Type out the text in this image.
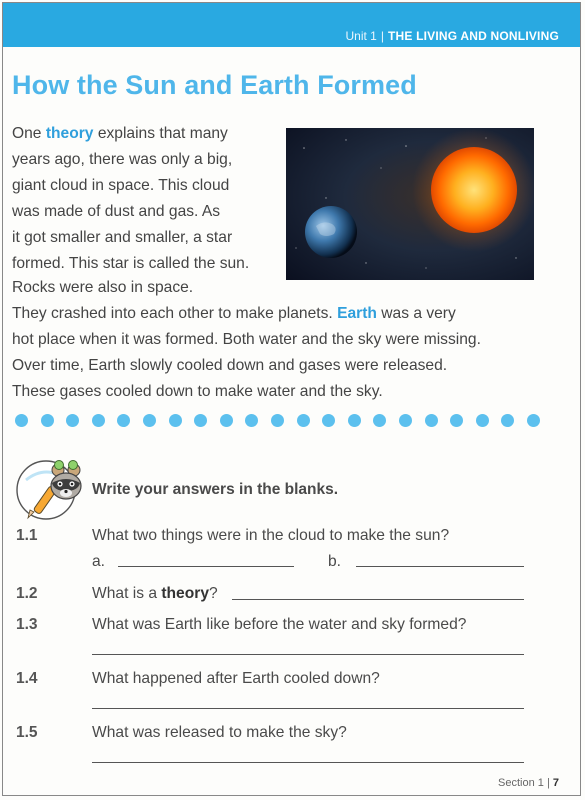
Unit 1 | THE LIVING AND NONLIVING
How the Sun and Earth Formed
One theory explains that many
years ago, there was only a big,
giant cloud in space. This cloud
was made of dust and gas. As
it got smaller and smaller, a star
formed. This star is called the sun.
Rocks were also in space.
They crashed into each other to make planets. Earth was a very
hot place when it was formed. Both water and the sky were missing.
Over time, Earth slowly cooled down and gases were released.
These gases cooled down to make water and the sky.
Write your answers in the blanks.
1.1	What two things were in the cloud to make the sun?
a.	b.
1.2	What is a theory?
1.3	What was Earth like before the water and sky formed?
1.4	What happened after Earth cooled down?
1.5	What was released to make the sky?
Section 1 | 7
